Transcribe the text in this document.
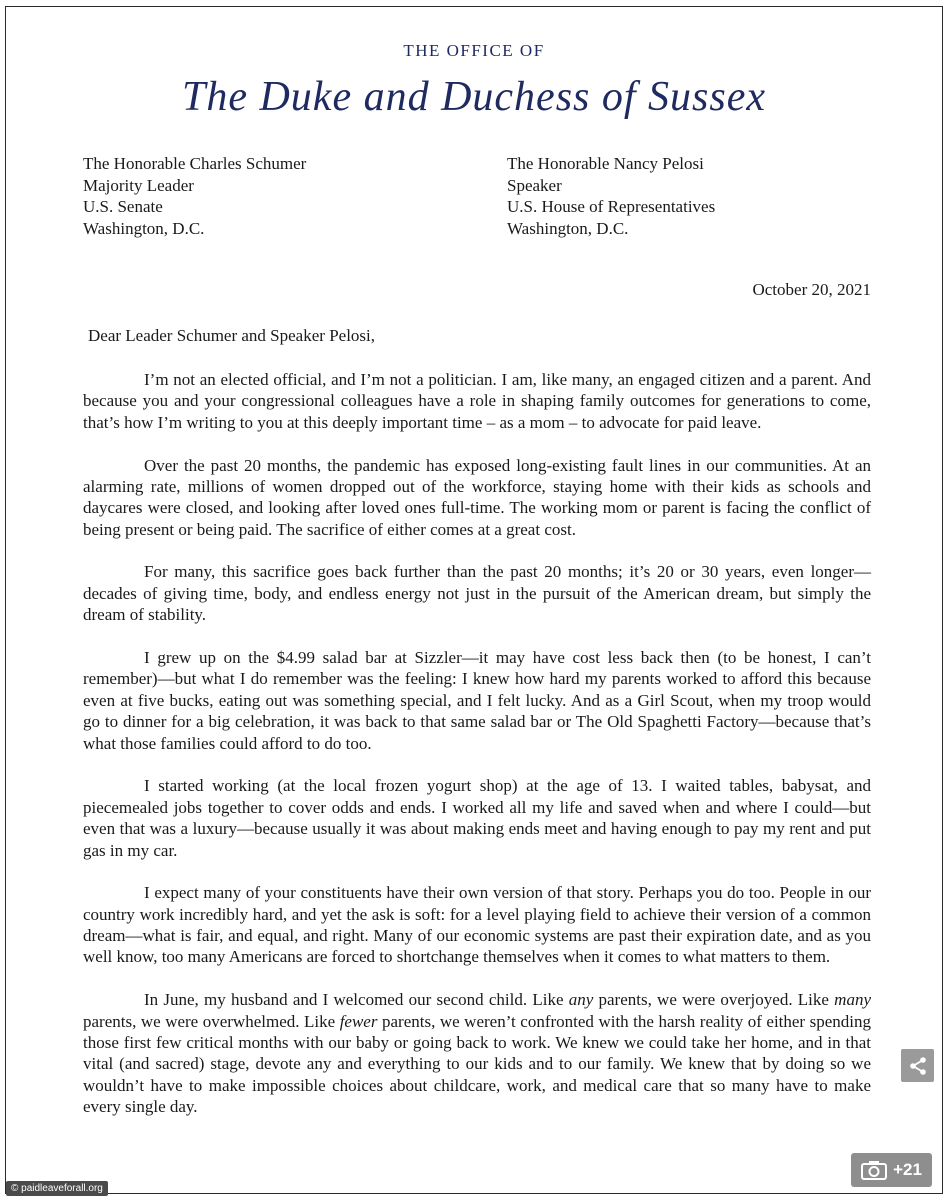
THE OFFICE OF
The Duke and Duchess of Sussex
The Honorable Charles Schumer
Majority Leader
U.S. Senate
Washington, D.C.
The Honorable Nancy Pelosi
Speaker
U.S. House of Representatives
Washington, D.C.
October 20, 2021
Dear Leader Schumer and Speaker Pelosi,

I’m not an elected official, and I’m not a politician. I am, like many, an engaged citizen and a parent. And because you and your congressional colleagues have a role in shaping family outcomes for generations to come, that’s how I’m writing to you at this deeply important time – as a mom – to advocate for paid leave.

Over the past 20 months, the pandemic has exposed long-existing fault lines in our communities. At an alarming rate, millions of women dropped out of the workforce, staying home with their kids as schools and daycares were closed, and looking after loved ones full-time. The working mom or parent is facing the conflict of being present or being paid. The sacrifice of either comes at a great cost.

For many, this sacrifice goes back further than the past 20 months; it’s 20 or 30 years, even longer—decades of giving time, body, and endless energy not just in the pursuit of the American dream, but simply the dream of stability.

I grew up on the $4.99 salad bar at Sizzler—it may have cost less back then (to be honest, I can’t remember)—but what I do remember was the feeling: I knew how hard my parents worked to afford this because even at five bucks, eating out was something special, and I felt lucky. And as a Girl Scout, when my troop would go to dinner for a big celebration, it was back to that same salad bar or The Old Spaghetti Factory—because that’s what those families could afford to do too.

I started working (at the local frozen yogurt shop) at the age of 13. I waited tables, babysat, and piecemealed jobs together to cover odds and ends. I worked all my life and saved when and where I could—but even that was a luxury—because usually it was about making ends meet and having enough to pay my rent and put gas in my car.

I expect many of your constituents have their own version of that story. Perhaps you do too. People in our country work incredibly hard, and yet the ask is soft: for a level playing field to achieve their version of a common dream—what is fair, and equal, and right. Many of our economic systems are past their expiration date, and as you well know, too many Americans are forced to shortchange themselves when it comes to what matters to them.

In June, my husband and I welcomed our second child. Like any parents, we were overjoyed. Like many parents, we were overwhelmed. Like fewer parents, we weren’t confronted with the harsh reality of either spending those first few critical months with our baby or going back to work. We knew we could take her home, and in that vital (and sacred) stage, devote any and everything to our kids and to our family. We knew that by doing so we wouldn’t have to make impossible choices about childcare, work, and medical care that so many have to make every single day.

© paidleaveforall.org
+21
